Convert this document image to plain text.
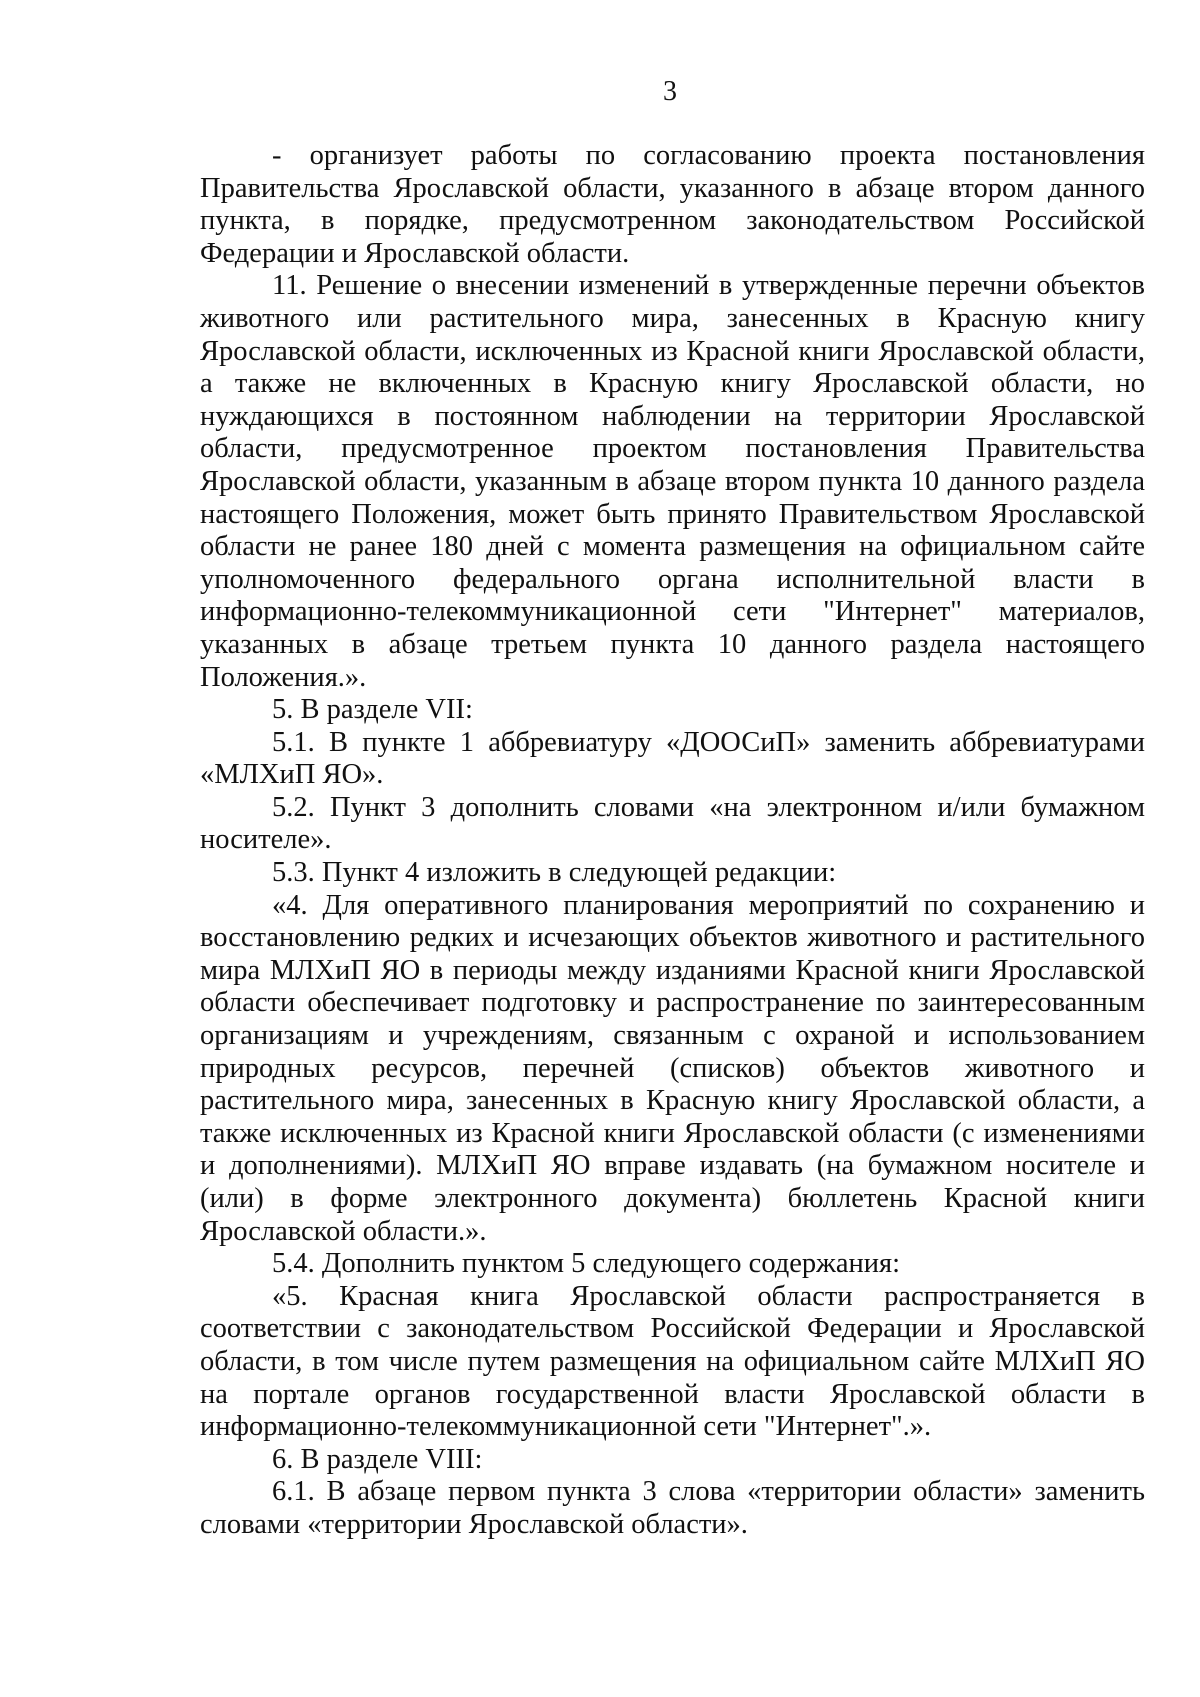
3

- организует работы по согласованию проекта постановления Правительства Ярославской области, указанного в абзаце втором данного пункта, в порядке, предусмотренном законодательством Российской Федерации и Ярославской области.

11. Решение о внесении изменений в утвержденные перечни объектов животного или растительного мира, занесенных в Красную книгу Ярославской области, исключенных из Красной книги Ярославской области, а также не включенных в Красную книгу Ярославской области, но нуждающихся в постоянном наблюдении на территории Ярославской области, предусмотренное проектом постановления Правительства Ярославской области, указанным в абзаце втором пункта 10 данного раздела настоящего Положения, может быть принято Правительством Ярославской области не ранее 180 дней с момента размещения на официальном сайте уполномоченного федерального органа исполнительной власти в информационно-телекоммуникационной сети "Интернет" материалов, указанных в абзаце третьем пункта 10 данного раздела настоящего Положения.».

5. В разделе VII:

5.1. В пункте 1 аббревиатуру «ДООСиП» заменить аббревиатурами «МЛХиП ЯО».

5.2. Пункт 3 дополнить словами «на электронном и/или бумажном носителе».

5.3. Пункт 4 изложить в следующей редакции:

«4. Для оперативного планирования мероприятий по сохранению и восстановлению редких и исчезающих объектов животного и растительного мира МЛХиП ЯО в периоды между изданиями Красной книги Ярославской области обеспечивает подготовку и распространение по заинтересованным организациям и учреждениям, связанным с охраной и использованием природных ресурсов, перечней (списков) объектов животного и растительного мира, занесенных в Красную книгу Ярославской области, а также исключенных из Красной книги Ярославской области (с изменениями и дополнениями). МЛХиП ЯО вправе издавать (на бумажном носителе и (или) в форме электронного документа) бюллетень Красной книги Ярославской области.».

5.4. Дополнить пунктом 5 следующего содержания:

«5. Красная книга Ярославской области распространяется в соответствии с законодательством Российской Федерации и Ярославской области, в том числе путем размещения на официальном сайте МЛХиП ЯО на портале органов государственной власти Ярославской области в информационно-телекоммуникационной сети "Интернет".».

6. В разделе VIII:

6.1. В абзаце первом пункта 3 слова «территории области» заменить словами «территории Ярославской области».
